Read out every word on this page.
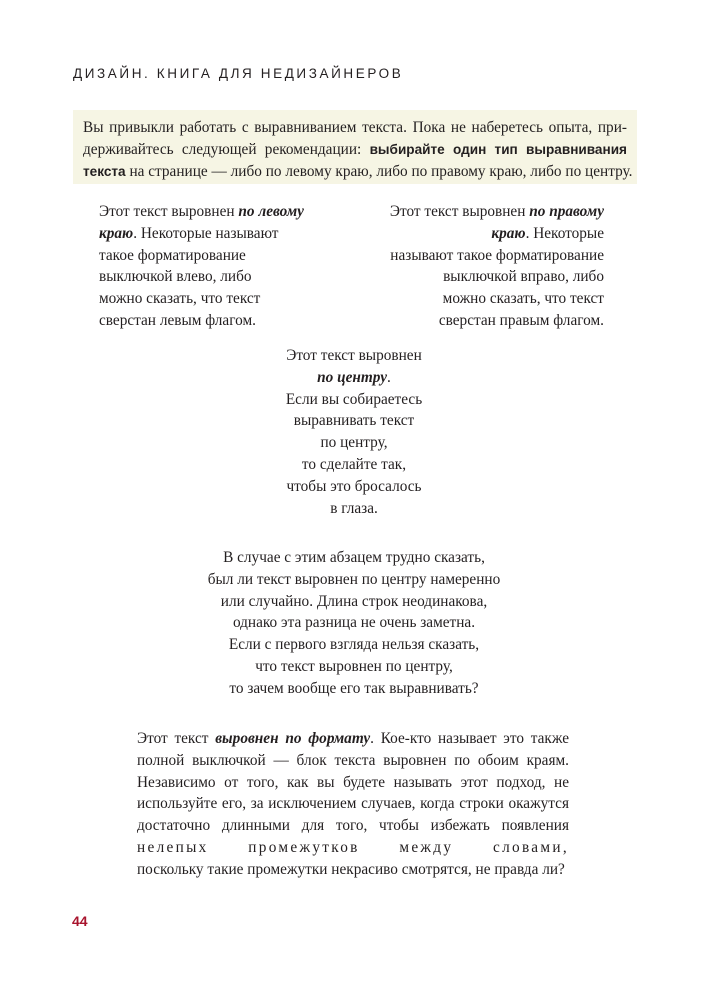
ДИЗАЙН. КНИГА ДЛЯ НЕДИЗАЙНЕРОВ
Вы привыкли работать с выравниванием текста. Пока не наберетесь опыта, при-
держивайтесь следующей рекомендации: выбирайте один тип выравнивания
текста на странице — либо по левому краю, либо по правому краю, либо по центру.
Этот текст выровнен по левому
краю. Некоторые называют
такое форматирование
выключкой влево, либо
можно сказать, что текст
сверстан левым флагом.
Этот текст выровнен по правому
краю. Некоторые
называют такое форматирование
выключкой вправо, либо
можно сказать, что текст
сверстан правым флагом.
Этот текст выровнен
по центру.
Если вы собираетесь
выравнивать текст
по центру,
то сделайте так,
чтобы это бросалось
в глаза.
В случае с этим абзацем трудно сказать,
был ли текст выровнен по центру намеренно
или случайно. Длина строк неодинакова,
однако эта разница не очень заметна.
Если с первого взгляда нельзя сказать,
что текст выровнен по центру,
то зачем вообще его так выравнивать?
Этот текст выровнен по формату. Кое-кто называет это также
полной выключкой — блок текста выровнен по обоим краям.
Независимо от того, как вы будете называть этот подход, не
используйте его, за исключением случаев, когда строки окажутся
достаточно длинными для того, чтобы избежать появления
нелепых промежутков между словами,
поскольку такие промежутки некрасиво смотрятся, не правда ли?
44
